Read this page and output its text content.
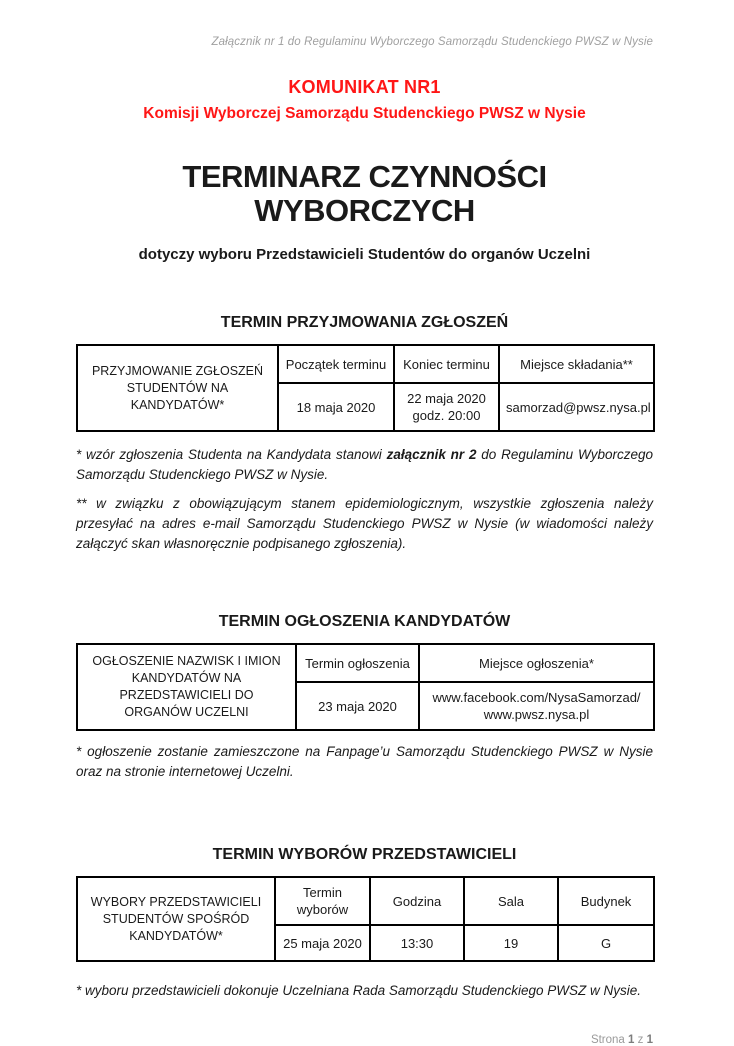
Załącznik nr 1 do Regulaminu Wyborczego Samorządu Studenckiego PWSZ w Nysie
KOMUNIKAT NR1
Komisji Wyborczej Samorządu Studenckiego PWSZ w Nysie
TERMINARZ CZYNNOŚCI WYBORCZYCH
dotyczy wyboru Przedstawicieli Studentów do organów Uczelni
TERMIN PRZYJMOWANIA ZGŁOSZEŃ
PRZYJMOWANIE ZGŁOSZEŃ STUDENTÓW NA KANDYDATÓW*	Początek terminu	Koniec terminu	Miejsce składania**
	18 maja 2020	22 maja 2020
godz. 20:00	samorzad@pwsz.nysa.pl
* wzór zgłoszenia Studenta na Kandydata stanowi załącznik nr 2 do Regulaminu Wyborczego Samorządu Studenckiego PWSZ w Nysie.
** w związku z obowiązującym stanem epidemiologicznym, wszystkie zgłoszenia należy przesyłać na adres e-mail Samorządu Studenckiego PWSZ w Nysie (w wiadomości należy załączyć skan własnoręcznie podpisanego zgłoszenia).
TERMIN OGŁOSZENIA KANDYDATÓW
OGŁOSZENIE NAZWISK I IMION KANDYDATÓW NA PRZEDSTAWICIELI DO ORGANÓW UCZELNI	Termin ogłoszenia	Miejsce ogłoszenia*
	23 maja 2020	www.facebook.com/NysaSamorzad/
www.pwsz.nysa.pl
* ogłoszenie zostanie zamieszczone na Fanpage’u Samorządu Studenckiego PWSZ w Nysie oraz na stronie internetowej Uczelni.
TERMIN WYBORÓW PRZEDSTAWICIELI
WYBORY PRZEDSTAWICIELI STUDENTÓW SPOŚRÓD KANDYDATÓW*	Termin wyborów	Godzina	Sala	Budynek
	25 maja 2020	13:30	19	G
* wyboru przedstawicieli dokonuje Uczelniana Rada Samorządu Studenckiego PWSZ w Nysie.
Strona 1 z 1
